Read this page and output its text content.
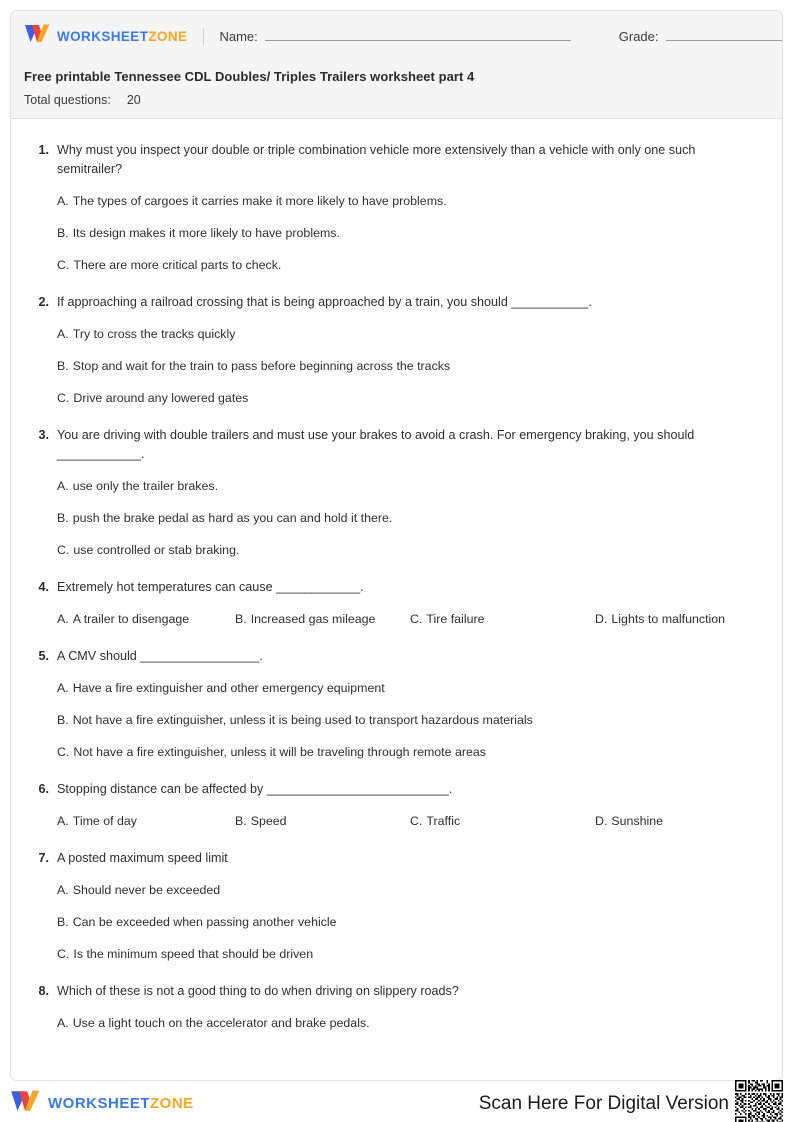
WORKSHEETZONE Name:	Grade:
Free printable Tennessee CDL Doubles/ Triples Trailers worksheet part 4
Total questions: 20
1. Why must you inspect your double or triple combination vehicle more extensively than a vehicle with only one such semitrailer?
A. The types of cargoes it carries make it more likely to have problems.
B. Its design makes it more likely to have problems.
C. There are more critical parts to check.
2. If approaching a railroad crossing that is being approached by a train, you should ___________.
A. Try to cross the tracks quickly
B. Stop and wait for the train to pass before beginning across the tracks
C. Drive around any lowered gates
3. You are driving with double trailers and must use your brakes to avoid a crash. For emergency braking, you should ____________.
A. use only the trailer brakes.
B. push the brake pedal as hard as you can and hold it there.
C. use controlled or stab braking.
4. Extremely hot temperatures can cause ____________.
A. A trailer to disengage	B. Increased gas mileage	C. Tire failure	D. Lights to malfunction
5. A CMV should _________________.
A. Have a fire extinguisher and other emergency equipment
B. Not have a fire extinguisher, unless it is being used to transport hazardous materials
C. Not have a fire extinguisher, unless it will be traveling through remote areas
6. Stopping distance can be affected by __________________________.
A. Time of day	B. Speed	C. Traffic	D. Sunshine
7. A posted maximum speed limit
A. Should never be exceeded
B. Can be exceeded when passing another vehicle
C. Is the minimum speed that should be driven
8. Which of these is not a good thing to do when driving on slippery roads?
A. Use a light touch on the accelerator and brake pedals.
WORKSHEETZONE	Scan Here For Digital Version
